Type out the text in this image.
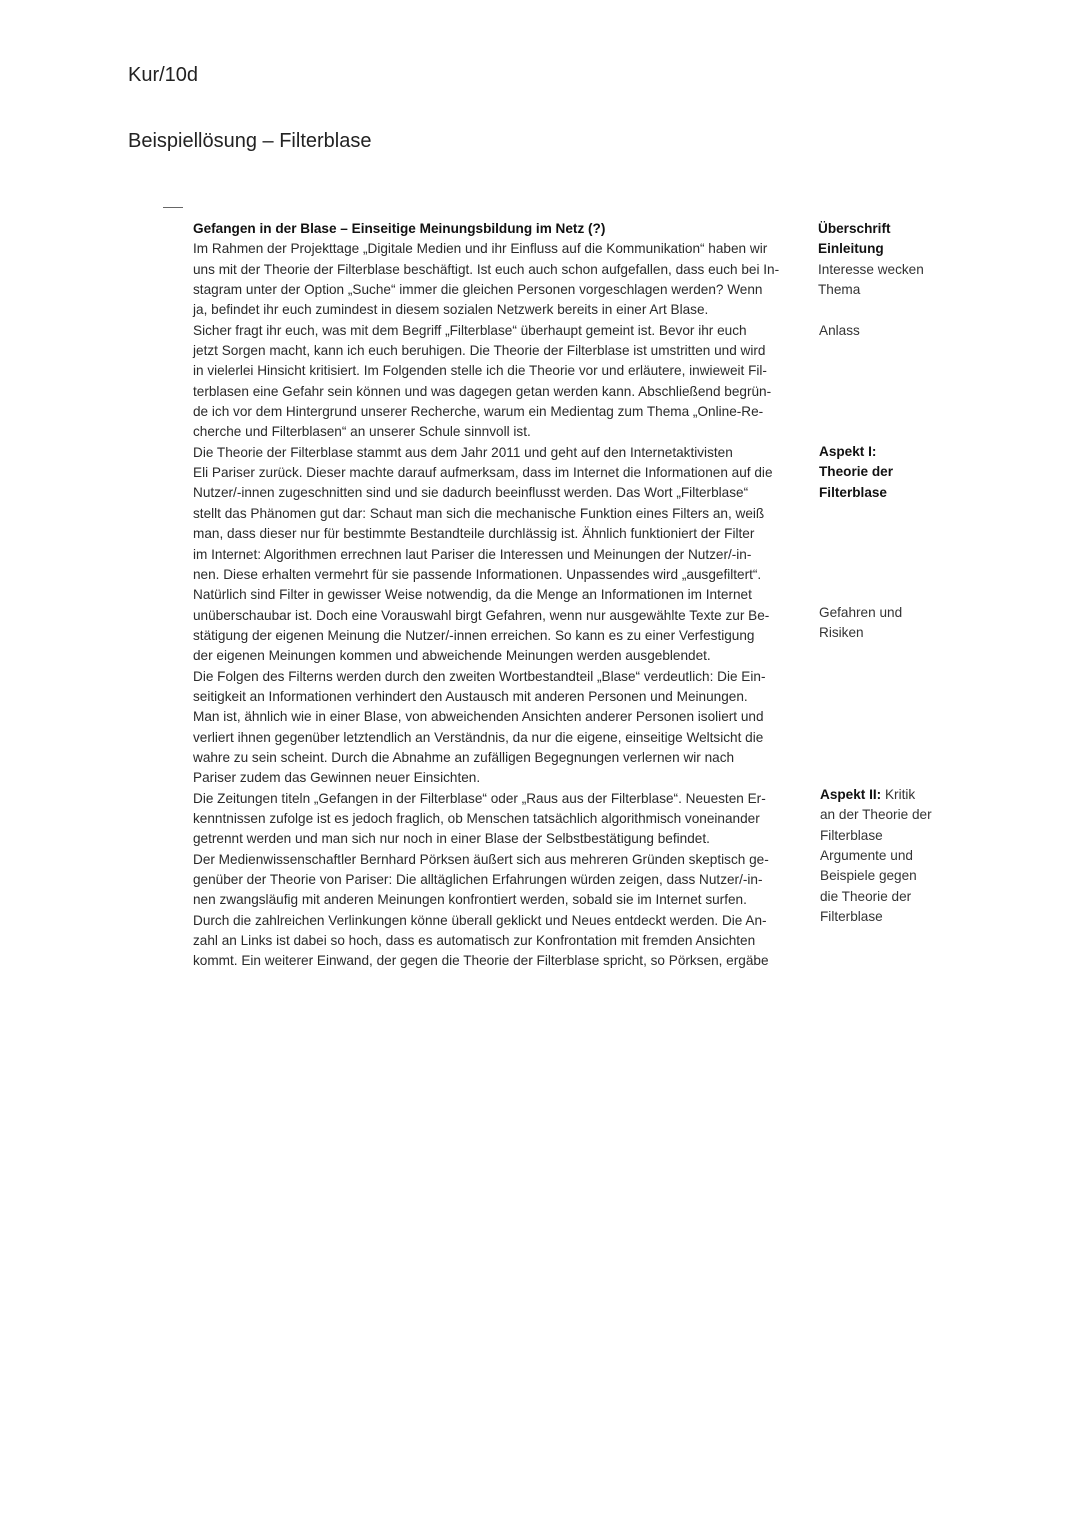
Kur/10d
Beispiellösung – Filterblase
Gefangen in der Blase – Einseitige Meinungsbildung im Netz (?)
Im Rahmen der Projekttage „Digitale Medien und ihr Einfluss auf die Kommunikation“ haben wir
uns mit der Theorie der Filterblase beschäftigt. Ist euch auch schon aufgefallen, dass euch bei In-
stagram unter der Option „Suche“ immer die gleichen Personen vorgeschlagen werden? Wenn
ja, befindet ihr euch zumindest in diesem sozialen Netzwerk bereits in einer Art Blase.
Sicher fragt ihr euch, was mit dem Begriff „Filterblase“ überhaupt gemeint ist. Bevor ihr euch
jetzt Sorgen macht, kann ich euch beruhigen. Die Theorie der Filterblase ist umstritten und wird
in vielerlei Hinsicht kritisiert. Im Folgenden stelle ich die Theorie vor und erläutere, inwieweit Fil-
terblasen eine Gefahr sein können und was dagegen getan werden kann. Abschließend begrün-
de ich vor dem Hintergrund unserer Recherche, warum ein Medientag zum Thema „Online-Re-
cherche und Filterblasen“ an unserer Schule sinnvoll ist.
Die Theorie der Filterblase stammt aus dem Jahr 2011 und geht auf den Internetaktivisten
Eli Pariser zurück. Dieser machte darauf aufmerksam, dass im Internet die Informationen auf die
Nutzer/-innen zugeschnitten sind und sie dadurch beeinflusst werden. Das Wort „Filterblase“
stellt das Phänomen gut dar: Schaut man sich die mechanische Funktion eines Filters an, weiß
man, dass dieser nur für bestimmte Bestandteile durchlässig ist. Ähnlich funktioniert der Filter
im Internet: Algorithmen errechnen laut Pariser die Interessen und Meinungen der Nutzer/-in-
nen. Diese erhalten vermehrt für sie passende Informationen. Unpassendes wird „ausgefiltert“.
Natürlich sind Filter in gewisser Weise notwendig, da die Menge an Informationen im Internet
unüberschaubar ist. Doch eine Vorauswahl birgt Gefahren, wenn nur ausgewählte Texte zur Be-
stätigung der eigenen Meinung die Nutzer/-innen erreichen. So kann es zu einer Verfestigung
der eigenen Meinungen kommen und abweichende Meinungen werden ausgeblendet.
Die Folgen des Filterns werden durch den zweiten Wortbestandteil „Blase“ verdeutlich: Die Ein-
seitigkeit an Informationen verhindert den Austausch mit anderen Personen und Meinungen.
Man ist, ähnlich wie in einer Blase, von abweichenden Ansichten anderer Personen isoliert und
verliert ihnen gegenüber letztendlich an Verständnis, da nur die eigene, einseitige Weltsicht die
wahre zu sein scheint. Durch die Abnahme an zufälligen Begegnungen verlernen wir nach
Pariser zudem das Gewinnen neuer Einsichten.
Die Zeitungen titeln „Gefangen in der Filterblase“ oder „Raus aus der Filterblase“. Neuesten Er-
kenntnissen zufolge ist es jedoch fraglich, ob Menschen tatsächlich algorithmisch voneinander
getrennt werden und man sich nur noch in einer Blase der Selbstbestätigung befindet.
Der Medienwissenschaftler Bernhard Pörksen äußert sich aus mehreren Gründen skeptisch ge-
genüber der Theorie von Pariser: Die alltäglichen Erfahrungen würden zeigen, dass Nutzer/-in-
nen zwangsläufig mit anderen Meinungen konfrontiert werden, sobald sie im Internet surfen.
Durch die zahlreichen Verlinkungen könne überall geklickt und Neues entdeckt werden. Die An-
zahl an Links ist dabei so hoch, dass es automatisch zur Konfrontation mit fremden Ansichten
kommt. Ein weiterer Einwand, der gegen die Theorie der Filterblase spricht, so Pörksen, ergäbe
Überschrift
Einleitung
Interesse wecken
Thema
Anlass
Aspekt I:
Theorie der
Filterblase
Gefahren und
Risiken
Aspekt II: Kritik
an der Theorie der
Filterblase
Argumente und
Beispiele gegen
die Theorie der
Filterblase
